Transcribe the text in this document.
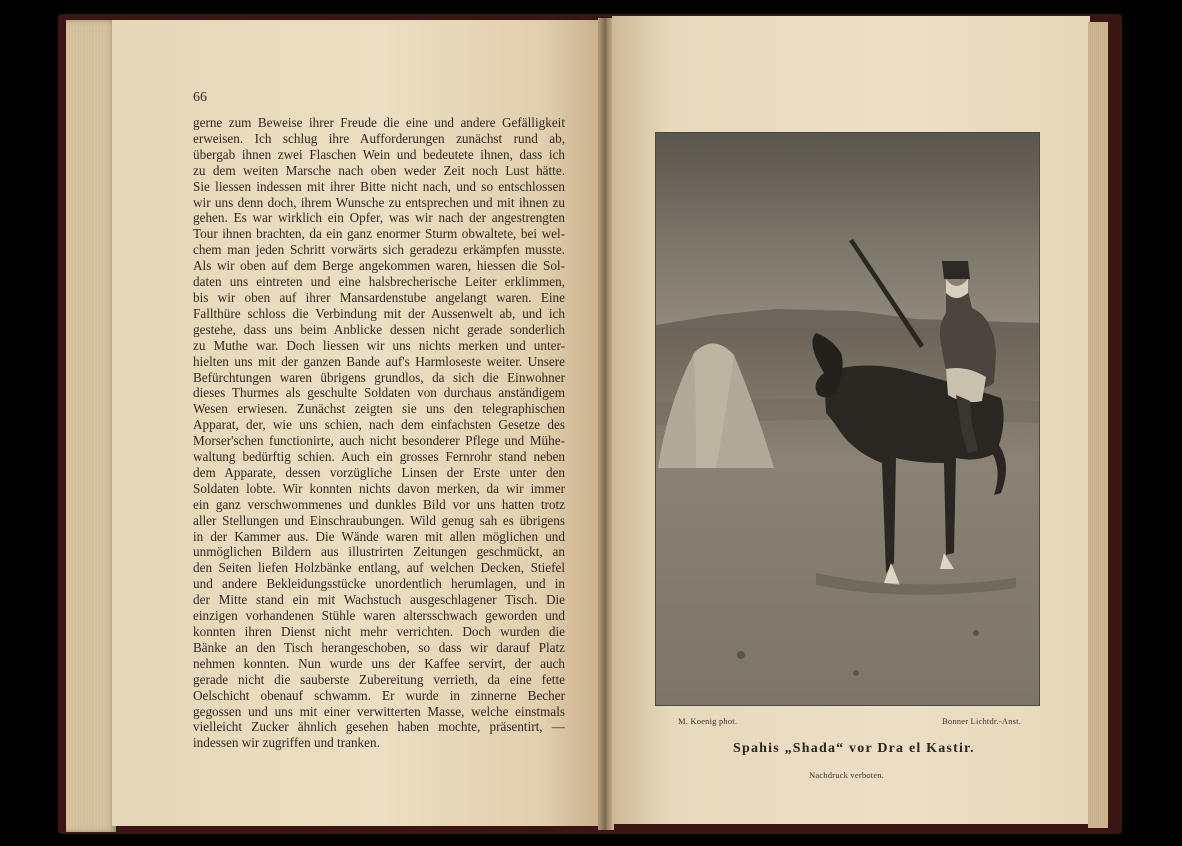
66
gerne zum Beweise ihrer Freude die eine und andere Gefälligkeit
erweisen. Ich schlug ihre Aufforderungen zunächst rund ab,
übergab ihnen zwei Flaschen Wein und bedeutete ihnen, dass ich
zu dem weiten Marsche nach oben weder Zeit noch Lust hätte.
Sie liessen indessen mit ihrer Bitte nicht nach, und so entschlossen
wir uns denn doch, ihrem Wunsche zu entsprechen und mit ihnen zu
gehen. Es war wirklich ein Opfer, was wir nach der angestrengten
Tour ihnen brachten, da ein ganz enormer Sturm obwaltete, bei wel-
chem man jeden Schritt vorwärts sich geradezu erkämpfen musste.
Als wir oben auf dem Berge angekommen waren, hiessen die Sol-
daten uns eintreten und eine halsbrecherische Leiter erklimmen,
bis wir oben auf ihrer Mansardenstube angelangt waren. Eine
Fallthüre schloss die Verbindung mit der Aussenwelt ab, und ich
gestehe, dass uns beim Anblicke dessen nicht gerade sonderlich
zu Muthe war. Doch liessen wir uns nichts merken und unter-
hielten uns mit der ganzen Bande auf's Harmloseste weiter. Unsere
Befürchtungen waren übrigens grundlos, da sich die Einwohner
dieses Thurmes als geschulte Soldaten von durchaus anständigem
Wesen erwiesen. Zunächst zeigten sie uns den telegraphischen
Apparat, der, wie uns schien, nach dem einfachsten Gesetze des
Morser'schen functionirte, auch nicht besonderer Pflege und Mühe-
waltung bedürftig schien. Auch ein grosses Fernrohr stand neben
dem Apparate, dessen vorzügliche Linsen der Erste unter den
Soldaten lobte. Wir konnten nichts davon merken, da wir immer
ein ganz verschwommenes und dunkles Bild vor uns hatten trotz
aller Stellungen und Einschraubungen. Wild genug sah es übrigens
in der Kammer aus. Die Wände waren mit allen möglichen und
unmöglichen Bildern aus illustrirten Zeitungen geschmückt, an
den Seiten liefen Holzbänke entlang, auf welchen Decken, Stiefel
und andere Bekleidungsstücke unordentlich herumlagen, und in
der Mitte stand ein mit Wachstuch ausgeschlagener Tisch. Die
einzigen vorhandenen Stühle waren altersschwach geworden und
konnten ihren Dienst nicht mehr verrichten. Doch wurden die
Bänke an den Tisch herangeschoben, so dass wir darauf Platz
nehmen konnten. Nun wurde uns der Kaffee servirt, der auch
gerade nicht die sauberste Zubereitung verrieth, da eine fette
Oelschicht obenauf schwamm. Er wurde in zinnerne Becher
gegossen und uns mit einer verwitterten Masse, welche einstmals
vielleicht Zucker ähnlich gesehen haben mochte, präsentirt, —
indessen wir zugriffen und tranken.
M. Koenig phot.	Bonner Lichtdr.-Anst.
Spahis „Shada“ vor Dra el Kastir.
Nachdruck verboten.
